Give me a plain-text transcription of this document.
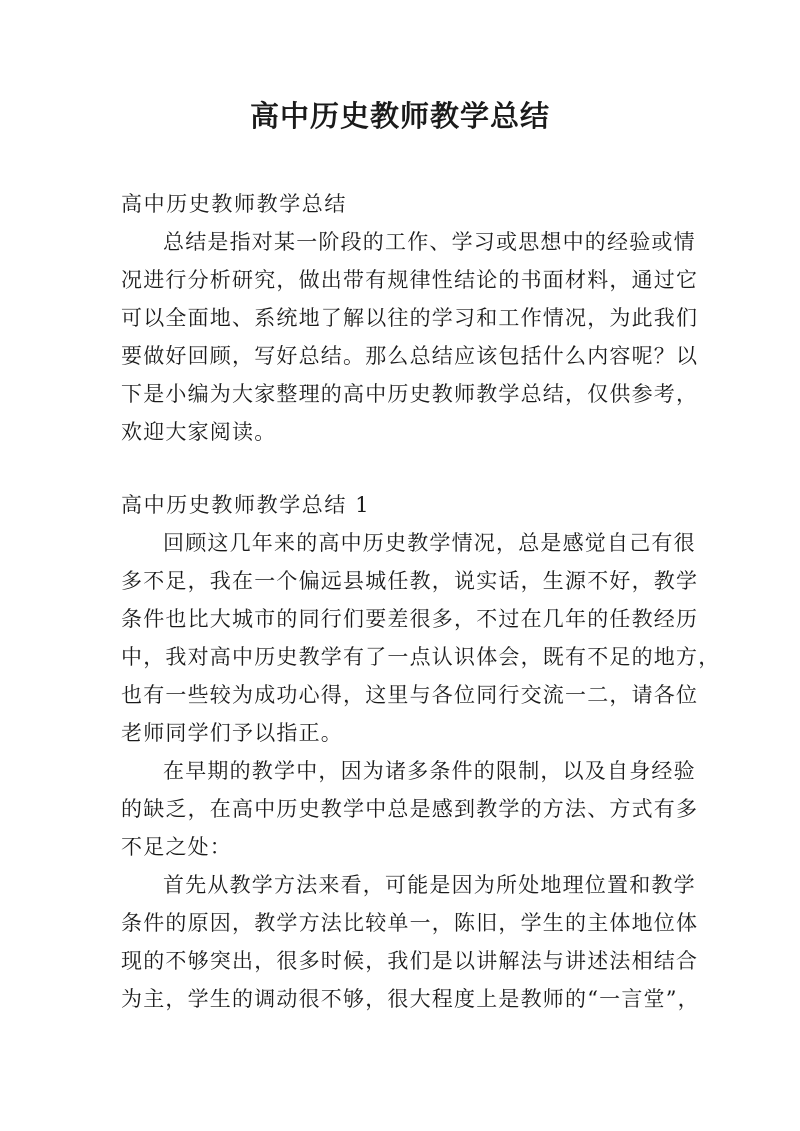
高中历史教师教学总结

高中历史教师教学总结

总结是指对某一阶段的工作、学习或思想中的经验或情

况进行分析研究，做出带有规律性结论的书面材料，通过它

可以全面地、系统地了解以往的学习和工作情况，为此我们

要做好回顾，写好总结。那么总结应该包括什么内容呢？以

下是小编为大家整理的高中历史教师教学总结，仅供参考，

欢迎大家阅读。

高中历史教师教学总结 1

回顾这几年来的高中历史教学情况，总是感觉自己有很

多不足，我在一个偏远县城任教，说实话，生源不好，教学

条件也比大城市的同行们要差很多，不过在几年的任教经历

中，我对高中历史教学有了一点认识体会，既有不足的地方，

也有一些较为成功心得，这里与各位同行交流一二，请各位

老师同学们予以指正。

在早期的教学中，因为诸多条件的限制，以及自身经验

的缺乏，在高中历史教学中总是感到教学的方法、方式有多

不足之处：

首先从教学方法来看，可能是因为所处地理位置和教学

条件的原因，教学方法比较单一，陈旧，学生的主体地位体

现的不够突出，很多时候，我们是以讲解法与讲述法相结合

为主，学生的调动很不够，很大程度上是教师的“一言堂”，
